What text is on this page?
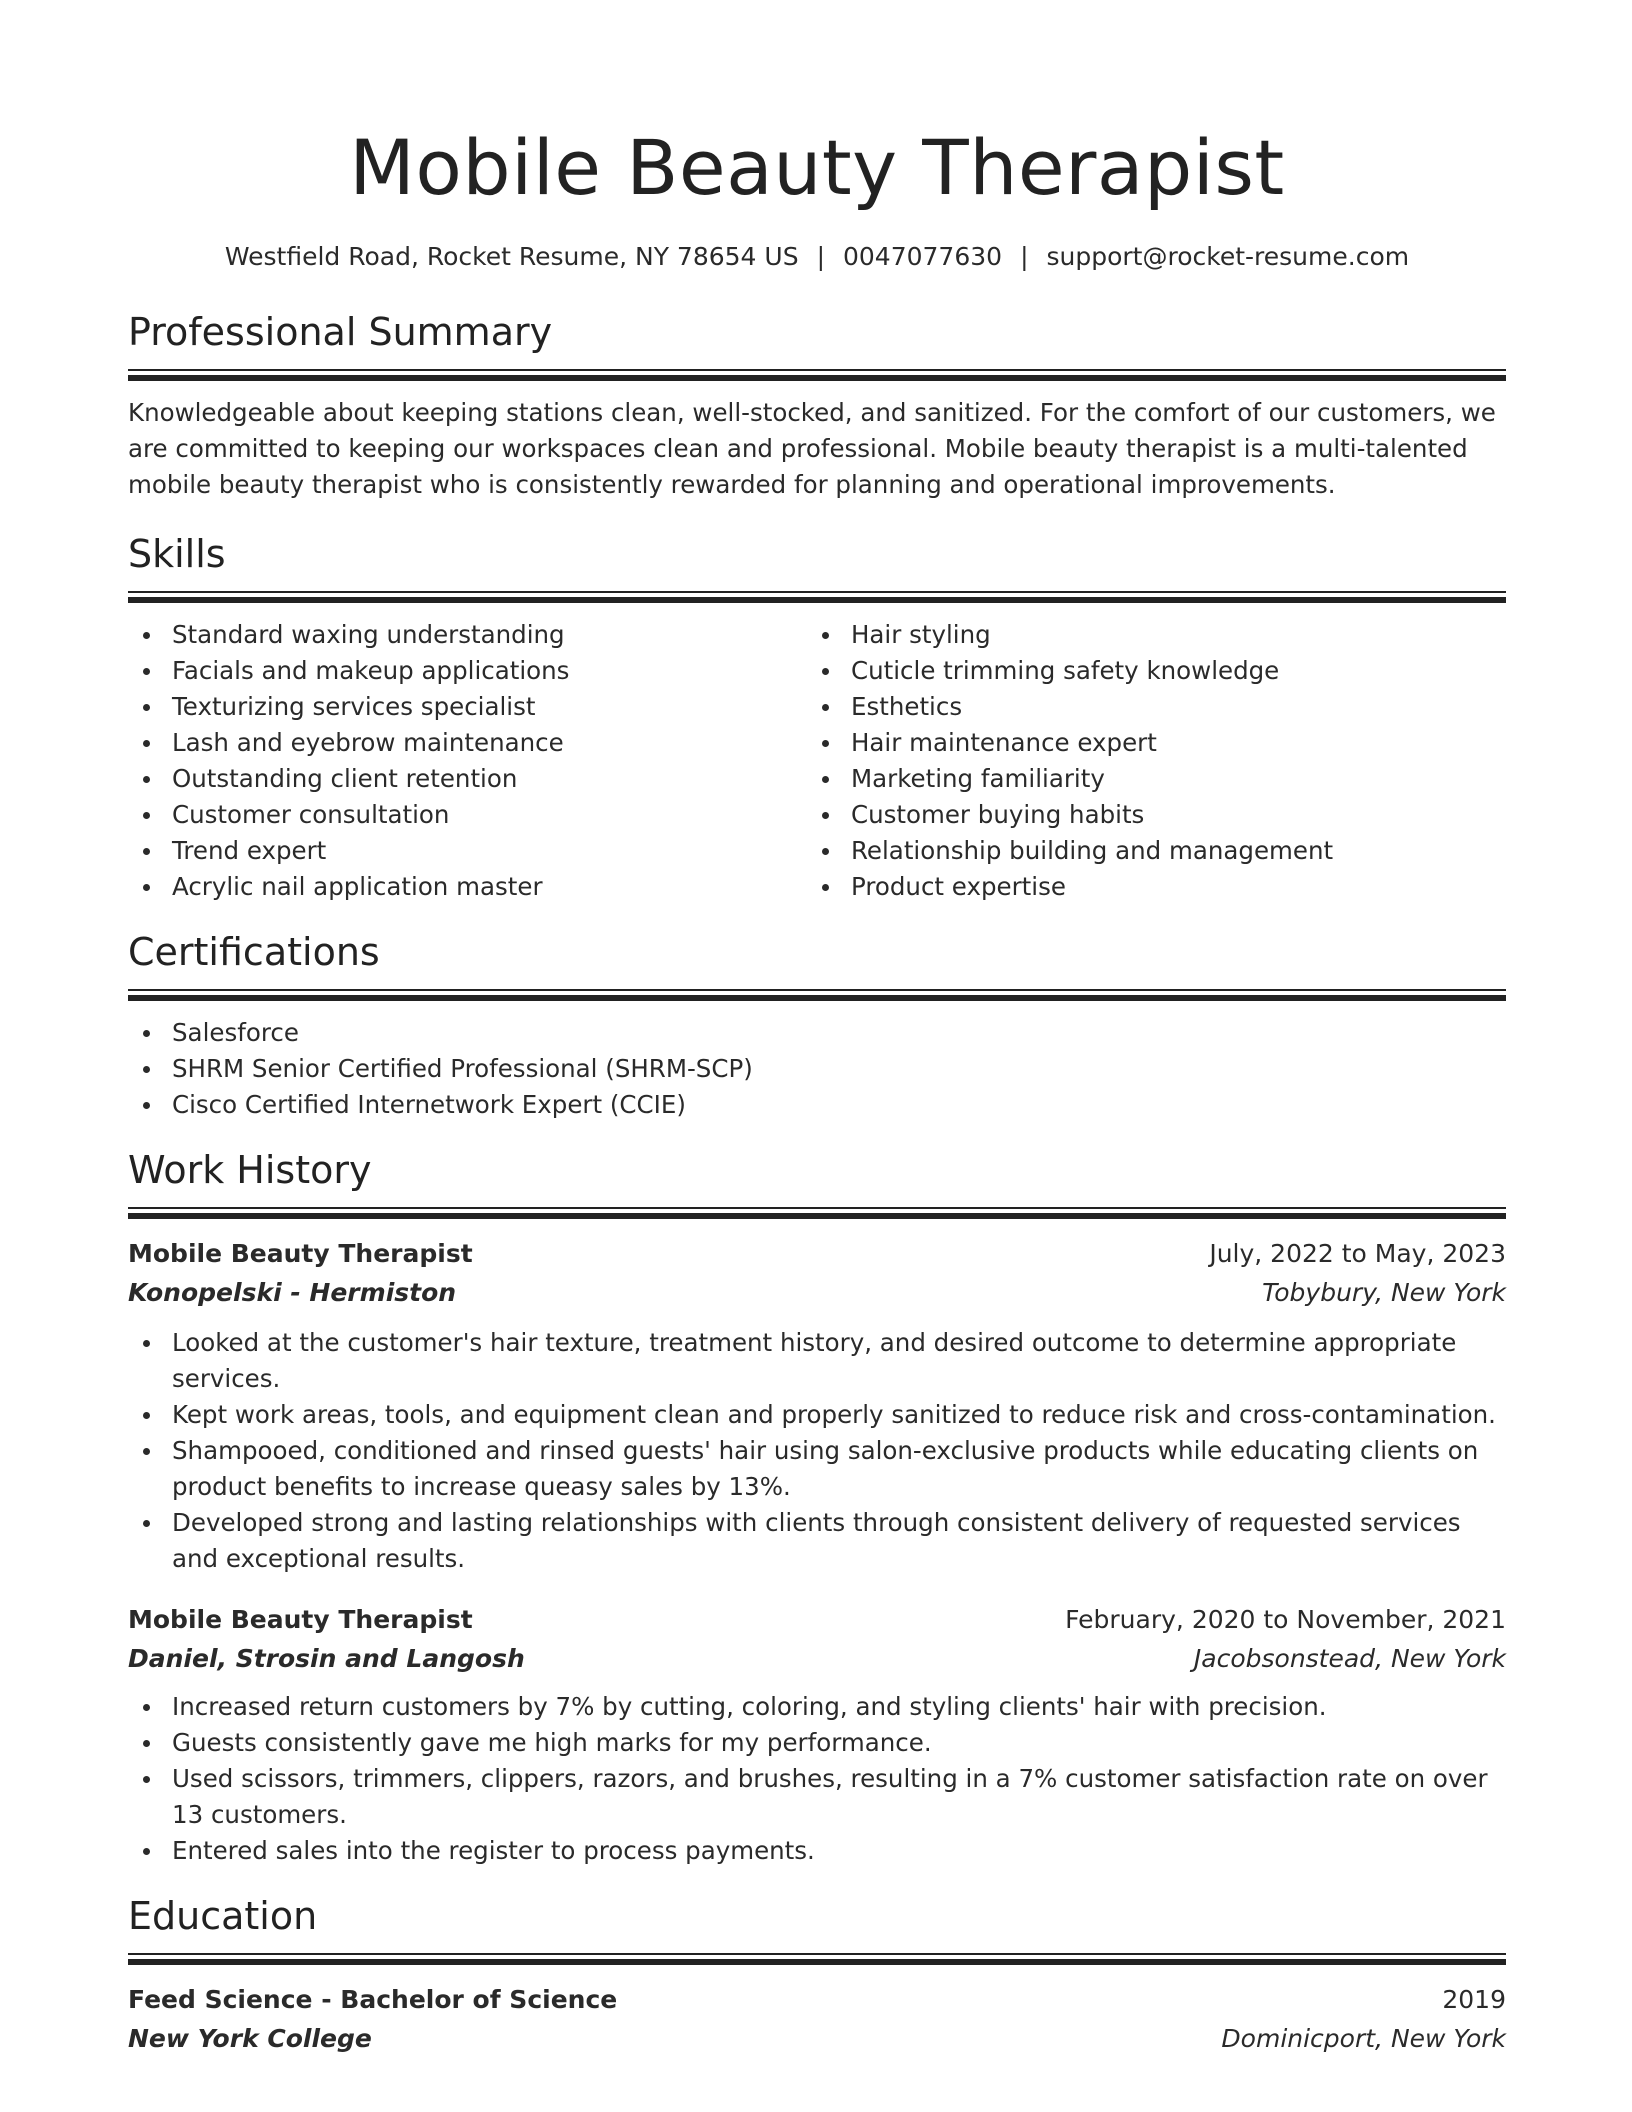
Mobile Beauty Therapist
Westfield Road, Rocket Resume, NY 78654 US | 0047077630 | support@rocket-resume.com
Professional Summary
Knowledgeable about keeping stations clean, well-stocked, and sanitized. For the comfort of our customers, we are committed to keeping our workspaces clean and professional. Mobile beauty therapist is a multi-talented mobile beauty therapist who is consistently rewarded for planning and operational improvements.
Skills
Standard waxing understanding
Facials and makeup applications
Texturizing services specialist
Lash and eyebrow maintenance
Outstanding client retention
Customer consultation
Trend expert
Acrylic nail application master
Hair styling
Cuticle trimming safety knowledge
Esthetics
Hair maintenance expert
Marketing familiarity
Customer buying habits
Relationship building and management
Product expertise
Certifications
Salesforce
SHRM Senior Certified Professional (SHRM-SCP)
Cisco Certified Internetwork Expert (CCIE)
Work History
Mobile Beauty Therapist	July, 2022 to May, 2023
Konopelski - Hermiston	Tobybury, New York
Looked at the customer's hair texture, treatment history, and desired outcome to determine appropriate services.
Kept work areas, tools, and equipment clean and properly sanitized to reduce risk and cross-contamination.
Shampooed, conditioned and rinsed guests' hair using salon-exclusive products while educating clients on product benefits to increase queasy sales by 13%.
Developed strong and lasting relationships with clients through consistent delivery of requested services and exceptional results.
Mobile Beauty Therapist	February, 2020 to November, 2021
Daniel, Strosin and Langosh	Jacobsonstead, New York
Increased return customers by 7% by cutting, coloring, and styling clients' hair with precision.
Guests consistently gave me high marks for my performance.
Used scissors, trimmers, clippers, razors, and brushes, resulting in a 7% customer satisfaction rate on over 13 customers.
Entered sales into the register to process payments.
Education
Feed Science - Bachelor of Science	2019
New York College	Dominicport, New York
